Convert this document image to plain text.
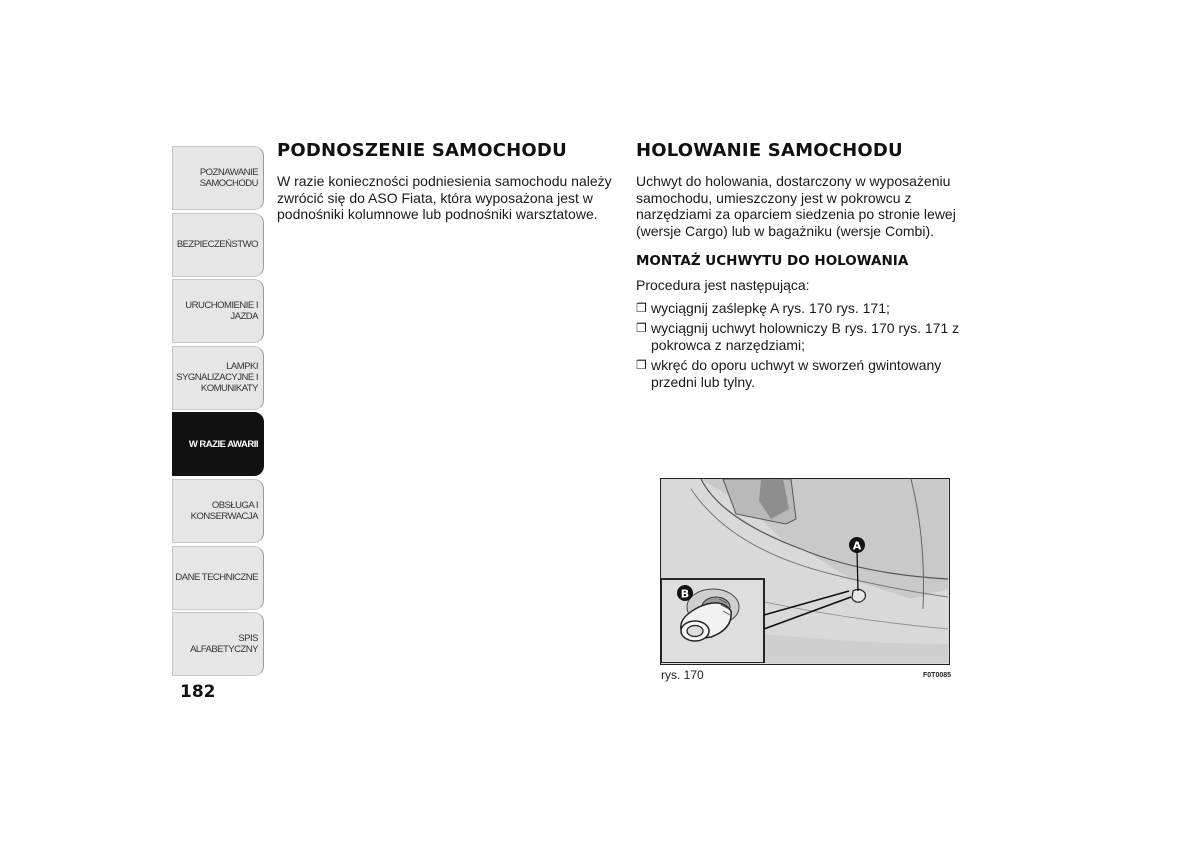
POZNAWANIE
SAMOCHODU
BEZPIECZEŃSTWO
URUCHOMIENIE I
JAZDA
LAMPKI
SYGNALIZACYJNE I
KOMUNIKATY
W RAZIE AWARII
OBSŁUGA I
KONSERWACJA
DANE TECHNICZNE
SPIS ALFABETYCZNY
182
PODNOSZENIE SAMOCHODU

W razie konieczności podniesienia samochodu należy zwrócić się do ASO Fiata, która wyposażona jest w podnośniki kolumnowe lub podnośniki warsztatowe.

HOLOWANIE SAMOCHODU

Uchwyt do holowania, dostarczony w wyposażeniu samochodu, umieszczony jest w pokrowcu z narzędziami za oparciem siedzenia po stronie lewej (wersje Cargo) lub w bagażniku (wersje Combi).

MONTAŻ UCHWYTU DO HOLOWANIA

Procedura jest następująca:

❒ wyciągnij zaślepkę A rys. 170 rys. 171;
❒ wyciągnij uchwyt holowniczy B rys. 170 rys. 171 z pokrowca z narzędziami;
❒ wkręć do oporu uchwyt w sworzeń gwintowany przedni lub tylny.
A
B
rys. 170	F0T0085
